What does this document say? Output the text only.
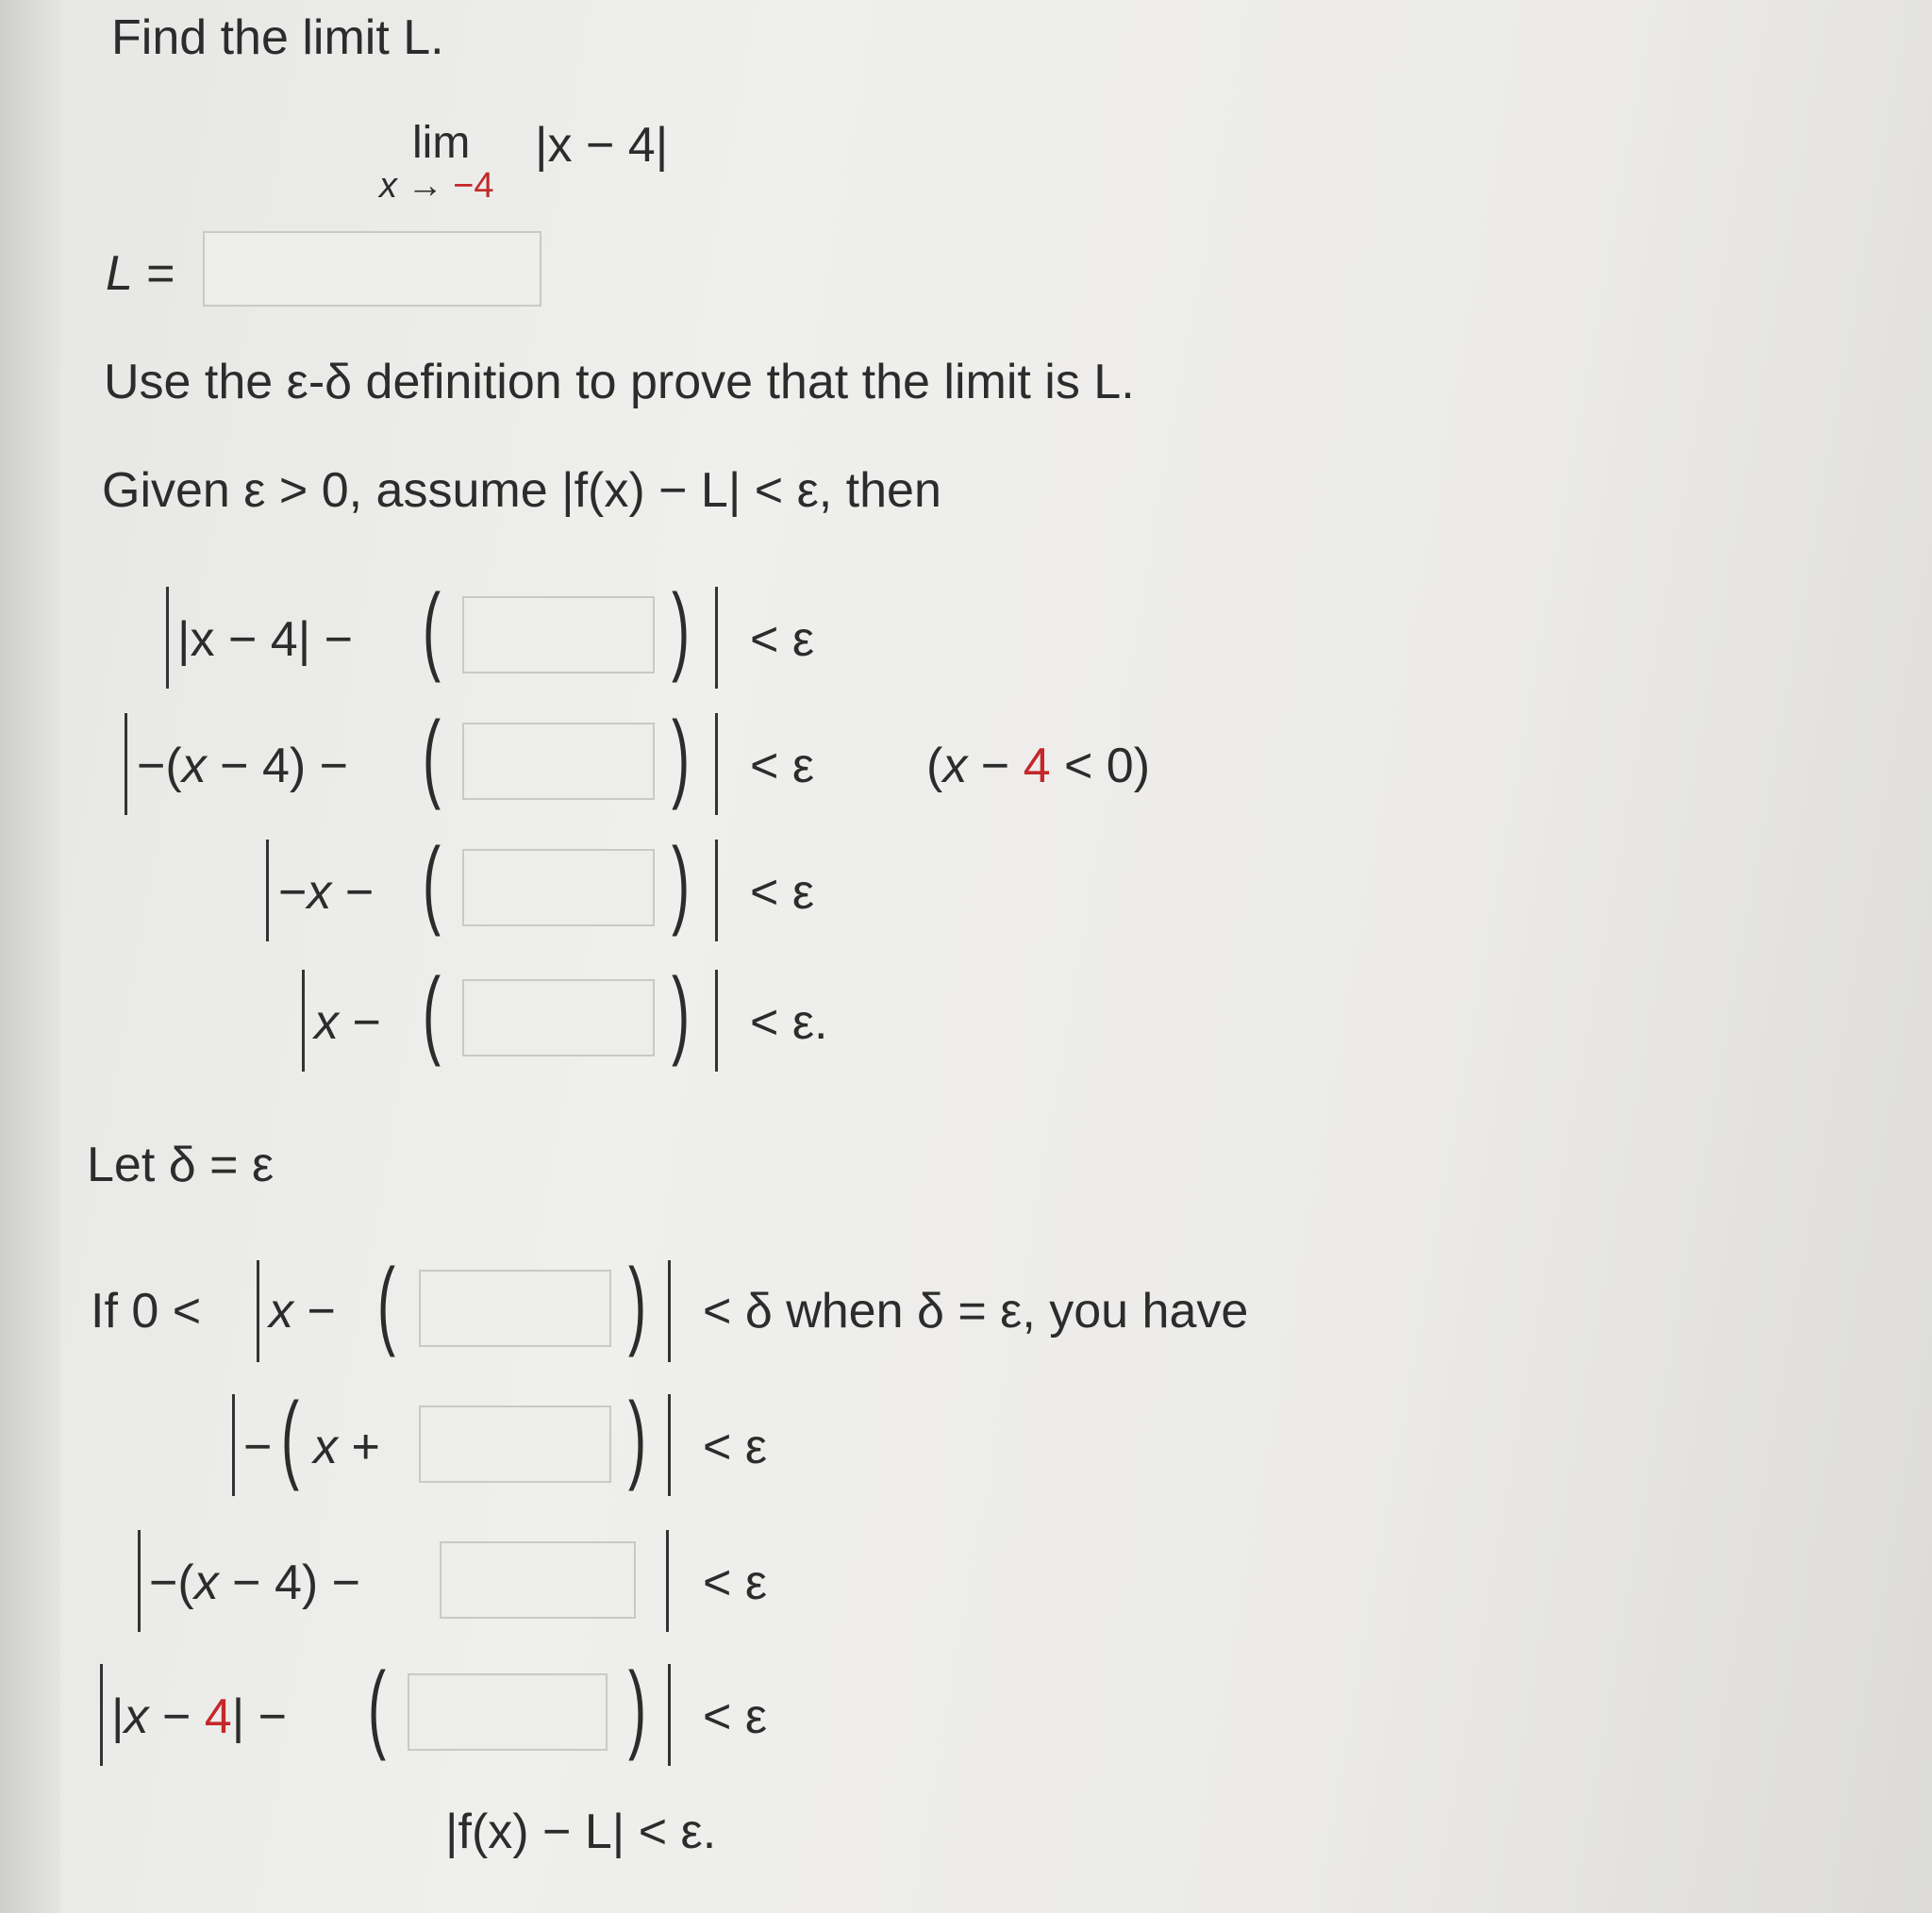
Find the limit L.
lim
x → −4
|x − 4|
L =
Use the ε-δ definition to prove that the limit is L.
Given ε > 0, assume |f(x) − L| < ε, then
|x − 4| − ( ) < ε
−(x − 4) − ( ) < ε (x − 4 < 0)
−x − ( ) < ε
x − ( ) < ε.
Let δ = ε
If 0 < x − ( ) < δ when δ = ε, you have
− ( x +	) < ε
−(x − 4) −	< ε
|x − 4| − ( ) < ε
|f(x) − L| < ε.
